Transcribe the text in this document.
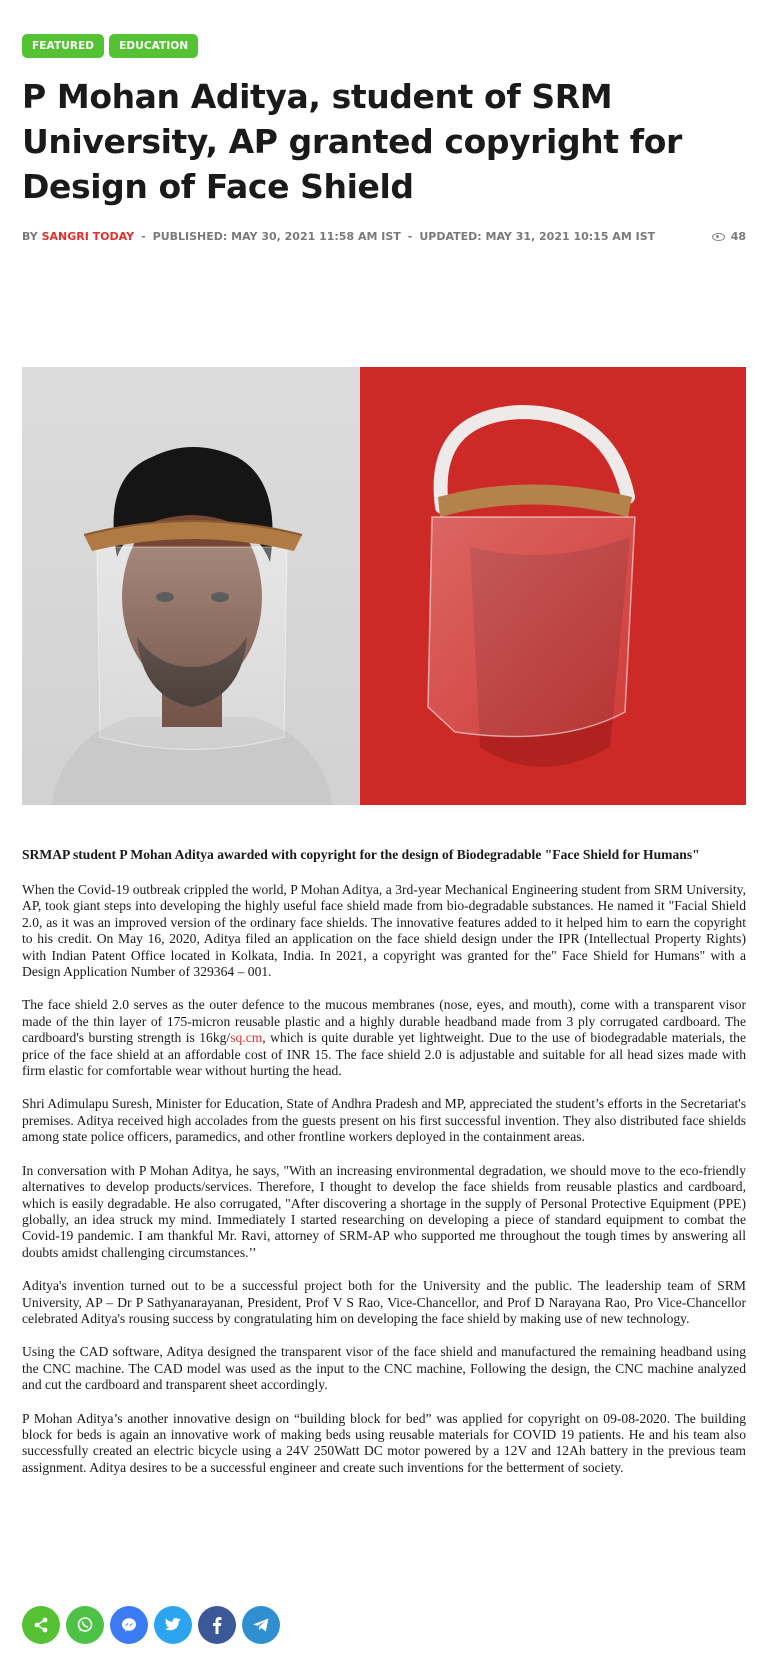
FEATURED	EDUCATION
P Mohan Aditya, student of SRM University, AP granted copyright for Design of Face Shield
BY
SANGRI TODAY - PUBLISHED: MAY 30, 2021 11:58 AM IST - UPDATED: MAY 31, 2021 10:15 AM IST	48
SRMAP student P Mohan Aditya awarded with copyright for the design of Biodegradable "Face Shield for Humans"

When the Covid-19 outbreak crippled the world, P Mohan Aditya, a 3rd-year Mechanical Engineering student from SRM University, AP, took giant steps into developing the highly useful face shield made from bio-degradable substances. He named it "Facial Shield 2.0, as it was an improved version of the ordinary face shields. The innovative features added to it helped him to earn the copyright to his credit. On May 16, 2020, Aditya filed an application on the face shield design under the IPR (Intellectual Property Rights) with Indian Patent Office located in Kolkata, India. In 2021, a copyright was granted for the" Face Shield for Humans" with a Design Application Number of 329364 – 001.

The face shield 2.0 serves as the outer defence to the mucous membranes (nose, eyes, and mouth), come with a transparent visor made of the thin layer of 175-micron reusable plastic and a highly durable headband made from 3 ply corrugated cardboard. The cardboard's bursting strength is 16kg/sq.cm, which is quite durable yet lightweight. Due to the use of biodegradable materials, the price of the face shield at an affordable cost of INR 15. The face shield 2.0 is adjustable and suitable for all head sizes made with firm elastic for comfortable wear without hurting the head.

Shri Adimulapu Suresh, Minister for Education, State of Andhra Pradesh and MP, appreciated the student’s efforts in the Secretariat's premises. Aditya received high accolades from the guests present on his first successful invention. They also distributed face shields among state police officers, paramedics, and other frontline workers deployed in the containment areas.

In conversation with P Mohan Aditya, he says, "With an increasing environmental degradation, we should move to the eco-friendly alternatives to develop products/services. Therefore, I thought to develop the face shields from reusable plastics and cardboard, which is easily degradable. He also corrugated, "After discovering a shortage in the supply of Personal Protective Equipment (PPE) globally, an idea struck my mind. Immediately I started researching on developing a piece of standard equipment to combat the Covid-19 pandemic. I am thankful Mr. Ravi, attorney of SRM-AP who supported me throughout the tough times by answering all doubts amidst challenging circumstances.’’

Aditya's invention turned out to be a successful project both for the University and the public. The leadership team of SRM University, AP – Dr P Sathyanarayanan, President, Prof V S Rao, Vice-Chancellor, and Prof D Narayana Rao, Pro Vice-Chancellor celebrated Aditya's rousing success by congratulating him on developing the face shield by making use of new technology.

Using the CAD software, Aditya designed the transparent visor of the face shield and manufactured the remaining headband using the CNC machine. The CAD model was used as the input to the CNC machine, Following the design, the CNC machine analyzed and cut the cardboard and transparent sheet accordingly.

P Mohan Aditya’s another innovative design on “building block for bed” was applied for copyright on 09-08-2020. The building block for beds is again an innovative work of making beds using reusable materials for COVID 19 patients. He and his team also successfully created an electric bicycle using a 24V 250Watt DC motor powered by a 12V and 12Ah battery in the previous team assignment. Aditya desires to be a successful engineer and create such inventions for the betterment of society.
